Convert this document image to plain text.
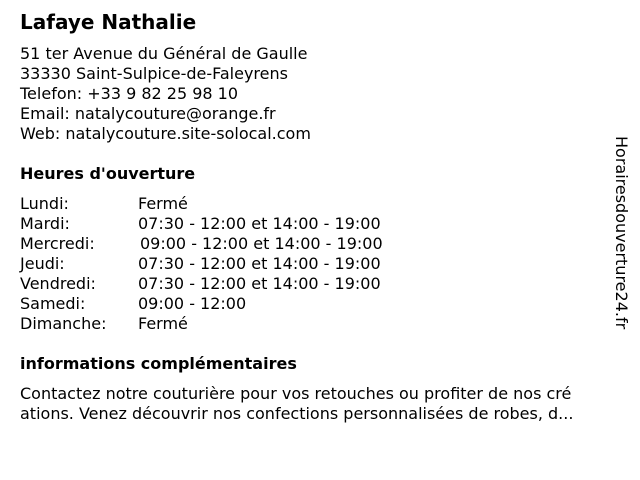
Lafaye Nathalie
51 ter Avenue du Général de Gaulle
33330 Saint-Sulpice-de-Faleyrens
Telefon: +33 9 82 25 98 10
Email: natalycouture@orange.fr
Web: natalycouture.site-solocal.com
Heures d'ouverture
Lundi:	Fermé
Mardi:	07:30 - 12:00 et 14:00 - 19:00
Mercredi:	09:00 - 12:00 et 14:00 - 19:00
Jeudi:	07:30 - 12:00 et 14:00 - 19:00
Vendredi:	07:30 - 12:00 et 14:00 - 19:00
Samedi:	09:00 - 12:00
Dimanche: Fermé
informations complémentaires
Contactez notre couturière pour vos retouches ou profiter de nos cré
ations. Venez découvrir nos confections personnalisées de robes, d...
Horairesdouverture24.fr
